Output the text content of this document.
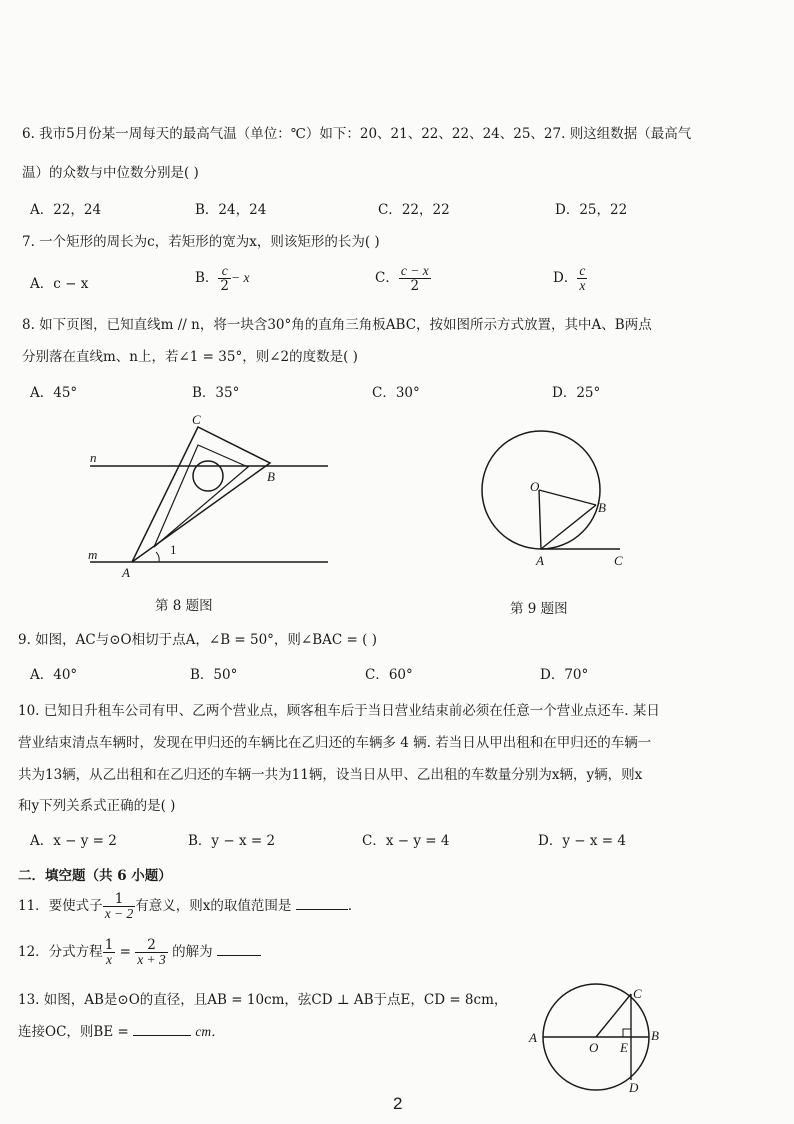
6. 我市5月份某一周每天的最高气温（单位：℃）如下：20、21、22、22、24、25、27. 则这组数据（最高气
温）的众数与中位数分别是( )
A．22，24	B．24，24	C．22，22	D．25，22
7. 一个矩形的周长为c，若矩形的宽为x，则该矩形的长为( )
A．c − x	B． $\frac{c}{2} - x$	C． $\frac{c - x}{2}$	D． $\frac{c}{x}$
8. 如下页图，已知直线m // n，将一块含30°角的直角三角板ABC，按如图所示方式放置，其中A、B两点
分别落在直线m、n上，若∠1 = 35°，则∠2的度数是( )
A．45°	B．35°	C．30°	D．25°
C
n
B
m
A
1
第 8 题图
O
B
A	C
第 9 题图
9. 如图，AC与⊙O相切于点A，∠B = 50°，则∠BAC = ( )
A．40°	B．50°	C．60°	D．70°
10. 已知日升租车公司有甲、乙两个营业点，顾客租车后于当日营业结束前必须在任意一个营业点还车. 某日
营业结束清点车辆时，发现在甲归还的车辆比在乙归还的车辆多 4 辆. 若当日从甲出租和在甲归还的车辆一
共为13辆，从乙出租和在乙归还的车辆一共为11辆，设当日从甲、乙出租的车数量分别为x辆，y辆，则x
和y下列关系式正确的是( )
A．x − y = 2	B．y − x = 2	C．x − y = 4	D．y − x = 4
二．填空题（共 6 小题）
11．要使式子 $\frac{1}{x - 2}$ 有意义，则x的取值范围是	.
12．分式方程 $\frac{1}{x} = \frac{2}{x + 3}$ 的解为
13. 如图，AB是⊙O的直径，且AB = 10cm，弦CD ⊥ AB于点E，CD = 8cm，
连接OC，则BE =	cm．	A
O E
B
C
D
2
